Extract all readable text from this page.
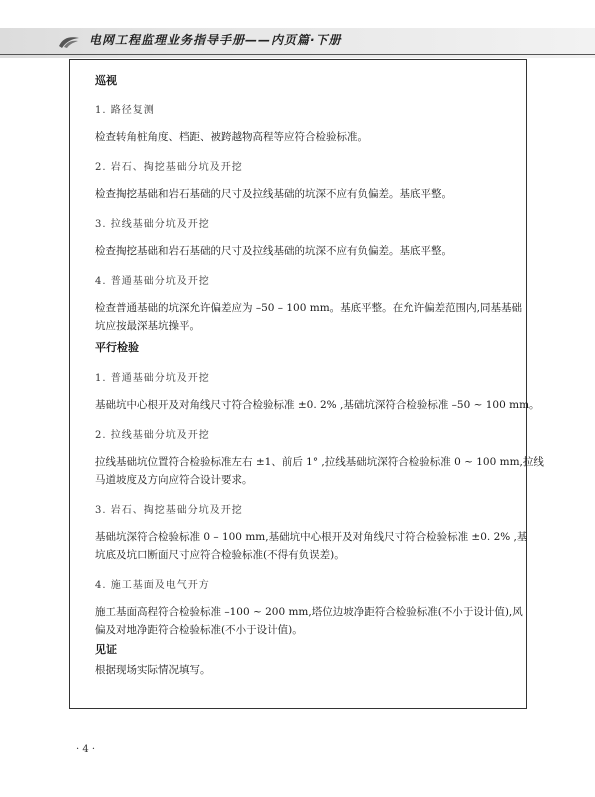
电网工程监理业务指导手册——内页篇·下册
巡视
1. 路径复测
检查转角桩角度、档距、被跨越物高程等应符合检验标准。
2. 岩石、掏挖基础分坑及开挖
检查掏挖基础和岩石基础的尺寸及拉线基础的坑深不应有负偏差。基底平整。
3. 拉线基础分坑及开挖
检查掏挖基础和岩石基础的尺寸及拉线基础的坑深不应有负偏差。基底平整。
4. 普通基础分坑及开挖
检查普通基础的坑深允许偏差应为 –50 – 100 mm。基底平整。在允许偏差范围内,同基基础
坑应按最深基坑操平。
平行检验
1. 普通基础分坑及开挖
基础坑中心根开及对角线尺寸符合检验标准 ±0. 2% ,基础坑深符合检验标准 –50 ~ 100 mm。
2. 拉线基础分坑及开挖
拉线基础坑位置符合检验标准左右 ±1、前后 1° ,拉线基础坑深符合检验标准 0 ~ 100 mm,拉线
马道坡度及方向应符合设计要求。
3. 岩石、掏挖基础分坑及开挖
基础坑深符合检验标准 0 – 100 mm,基础坑中心根开及对角线尺寸符合检验标准 ±0. 2% ,基
坑底及坑口断面尺寸应符合检验标准(不得有负误差)。
4. 施工基面及电气开方
施工基面高程符合检验标准 –100 ~ 200 mm,塔位边坡净距符合检验标准(不小于设计值),风
偏及对地净距符合检验标准(不小于设计值)。
见证
根据现场实际情况填写。
· 4 ·
